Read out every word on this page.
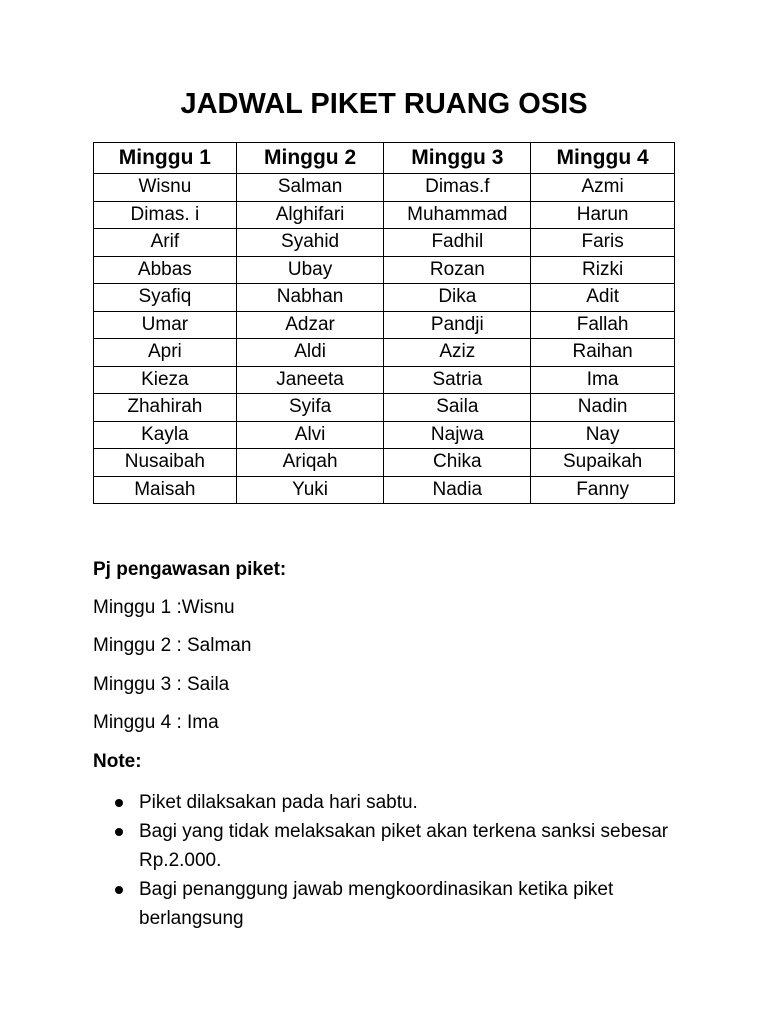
JADWAL PIKET RUANG OSIS
Minggu 1	Minggu 2	Minggu 3	Minggu 4
Wisnu	Salman	Dimas.f	Azmi
Dimas. i	Alghifari	Muhammad	Harun
Arif	Syahid	Fadhil	Faris
Abbas	Ubay	Rozan	Rizki
Syafiq	Nabhan	Dika	Adit
Umar	Adzar	Pandji	Fallah
Apri	Aldi	Aziz	Raihan
Kieza	Janeeta	Satria	Ima
Zhahirah	Syifa	Saila	Nadin
Kayla	Alvi	Najwa	Nay
Nusaibah	Ariqah	Chika	Supaikah
Maisah	Yuki	Nadia	Fanny
Pj pengawasan piket:
Minggu 1 :Wisnu
Minggu 2 : Salman
Minggu 3 : Saila
Minggu 4 : Ima
Note:
Piket dilaksakan pada hari sabtu.
Bagi yang tidak melaksakan piket akan terkena sanksi sebesar Rp.2.000.
Bagi penanggung jawab mengkoordinasikan ketika piket berlangsung
